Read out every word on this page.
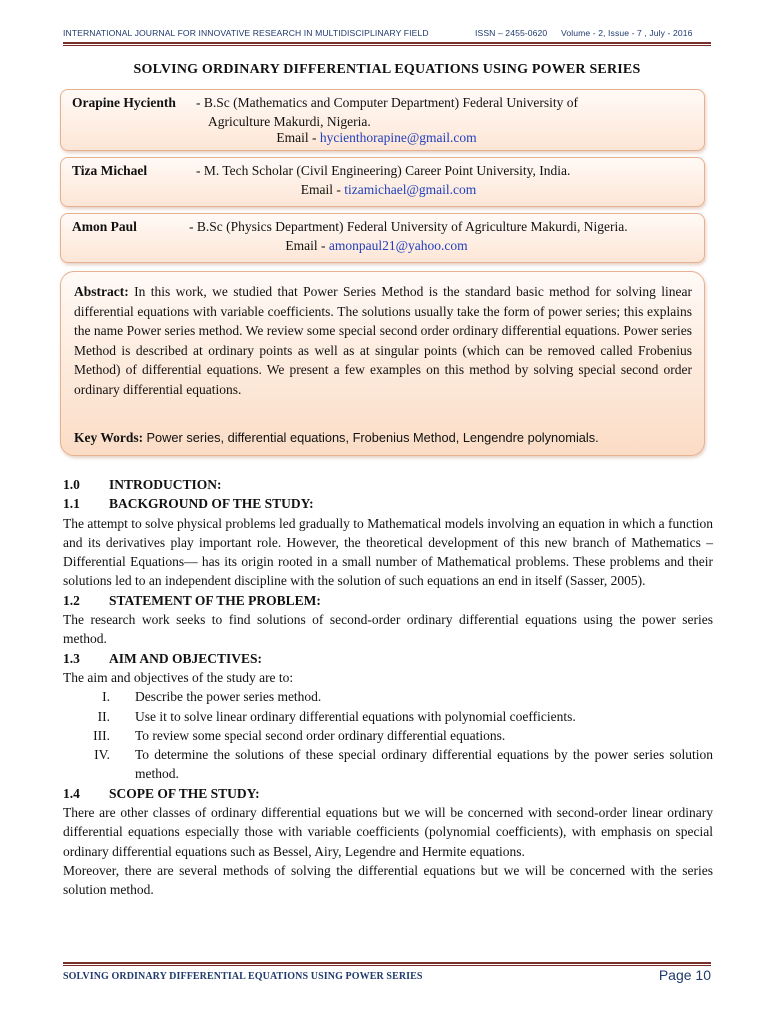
INTERNATIONAL JOURNAL FOR INNOVATIVE RESEARCH IN MULTIDISCIPLINARY FIELD	ISSN – 2455-0620 Volume - 2, Issue - 7 , July - 2016
SOLVING ORDINARY DIFFERENTIAL EQUATIONS USING POWER SERIES
Orapine Hycienth - B.Sc (Mathematics and Computer Department) Federal University of
Agriculture Makurdi, Nigeria.
Email - hycienthorapine@gmail.com
Tiza Michael	- M. Tech Scholar (Civil Engineering) Career Point University, India.
Email - tizamichael@gmail.com
Amon Paul	- B.Sc (Physics Department) Federal University of Agriculture Makurdi, Nigeria.
Email - amonpaul21@yahoo.com
Abstract: In this work, we studied that Power Series Method is the standard basic method for solving linear differential equations with variable coefficients. The solutions usually take the form of power series; this explains the name Power series method. We review some special second order ordinary differential equations. Power series Method is described at ordinary points as well as at singular points (which can be removed called Frobenius Method) of differential equations. We present a few examples on this method by solving special second order ordinary differential equations.
Key Words: Power series, differential equations, Frobenius Method, Lengendre polynomials.
1.0 INTRODUCTION:
1.1 BACKGROUND OF THE STUDY:
The attempt to solve physical problems led gradually to Mathematical models involving an equation in which a function and its derivatives play important role. However, the theoretical development of this new branch of Mathematics –Differential Equations— has its origin rooted in a small number of Mathematical problems. These problems and their solutions led to an independent discipline with the solution of such equations an end in itself (Sasser, 2005).
1.2 STATEMENT OF THE PROBLEM:
The research work seeks to find solutions of second-order ordinary differential equations using the power series method.
1.3 AIM AND OBJECTIVES:
The aim and objectives of the study are to:
I. Describe the power series method.
II. Use it to solve linear ordinary differential equations with polynomial coefficients.
III. To review some special second order ordinary differential equations.
IV. To determine the solutions of these special ordinary differential equations by the power series solution method.
1.4 SCOPE OF THE STUDY:
There are other classes of ordinary differential equations but we will be concerned with second-order linear ordinary differential equations especially those with variable coefficients (polynomial coefficients), with emphasis on special ordinary differential equations such as Bessel, Airy, Legendre and Hermite equations.
Moreover, there are several methods of solving the differential equations but we will be concerned with the series solution method.
SOLVING ORDINARY DIFFERENTIAL EQUATIONS USING POWER SERIES	Page 10
